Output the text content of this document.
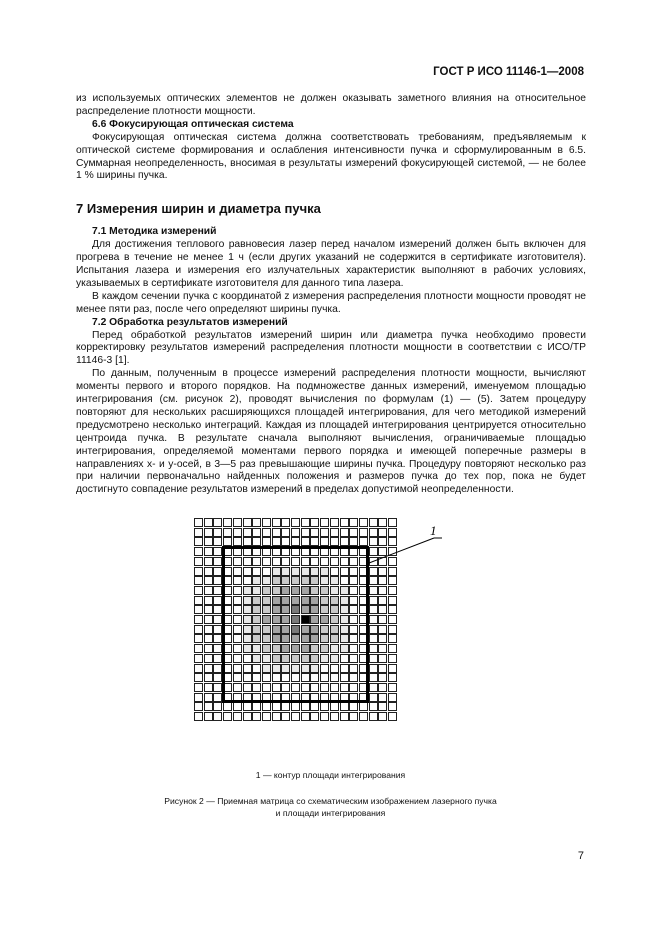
ГОСТ Р ИСО 11146-1—2008

из используемых оптических элементов не должен оказывать заметного влияния на относительное распределение плотности мощности.

6.6 Фокусирующая оптическая система

Фокусирующая оптическая система должна соответствовать требованиям, предъявляемым к оптической системе формирования и ослабления интенсивности пучка и сформулированным в 6.5. Суммарная неопределенность, вносимая в результаты измерений фокусирующей системой, — не более 1 % ширины пучка.

7 Измерения ширин и диаметра пучка
7.1 Методика измерений

Для достижения теплового равновесия лазер перед началом измерений должен быть включен для прогрева в течение не менее 1 ч (если других указаний не содержится в сертификате изготовителя). Испытания лазера и измерения его излучательных характеристик выполняют в рабочих условиях, указываемых в сертификате изготовителя для данного типа лазера.

В каждом сечении пучка с координатой z измерения распределения плотности мощности проводят не менее пяти раз, после чего определяют ширины пучка.

7.2 Обработка результатов измерений

Перед обработкой результатов измерений ширин или диаметра пучка необходимо провести корректировку результатов измерений распределения плотности мощности в соответствии с ИСО/ТР 11146-3 [1].

По данным, полученным в процессе измерений распределения плотности мощности, вычисляют моменты первого и второго порядков. На подмножестве данных измерений, именуемом площадью интегрирования (см. рисунок 2), проводят вычисления по формулам (1) — (5). Затем процедуру повторяют для нескольких расширяющихся площадей интегрирования, для чего методикой измерений предусмотрено несколько интеграций. Каждая из площадей интегрирования центрируется относительно центроида пучка. В результате сначала выполняют вычисления, ограничиваемые площадью интегрирования, определяемой моментами первого порядка и имеющей поперечные размеры в направлениях x- и y-осей, в 3—5 раз превышающие ширины пучка. Процедуру повторяют несколько раз при наличии первоначально найденных положения и размеров пучка до тех пор, пока не будет достигнуто совпадение результатов измерений в пределах допустимой неопределенности.

1
1 — контур площади интегрирования
Рисунок 2 — Приемная матрица со схематическим изображением лазерного пучка
и площади интегрирования
7
